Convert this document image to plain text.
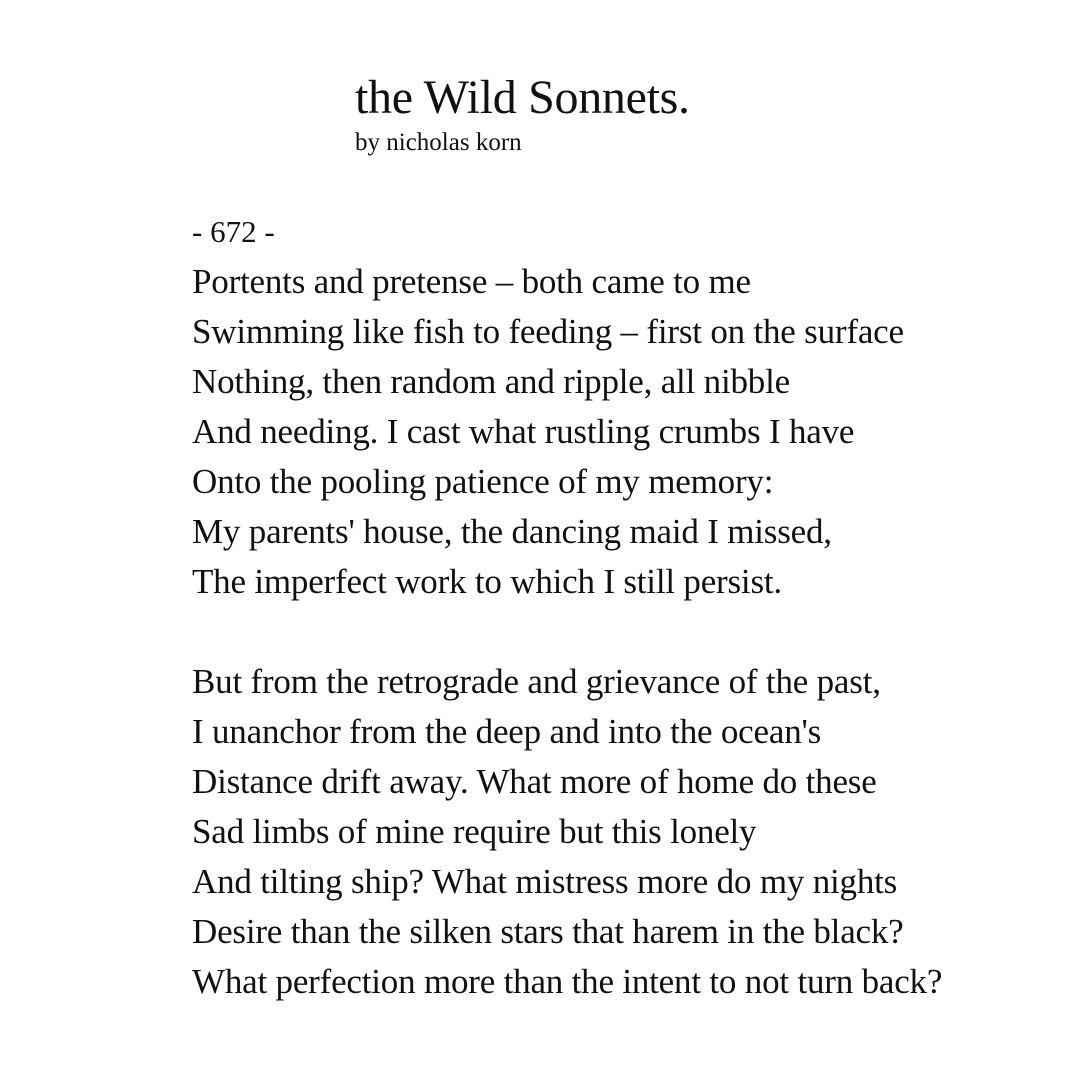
the Wild Sonnets.
by nicholas korn
- 672 -
Portents and pretense – both came to me
Swimming like fish to feeding – first on the surface
Nothing, then random and ripple, all nibble
And needing. I cast what rustling crumbs I have
Onto the pooling patience of my memory:
My parents' house, the dancing maid I missed,
The imperfect work to which I still persist.
But from the retrograde and grievance of the past,
I unanchor from the deep and into the ocean's
Distance drift away. What more of home do these
Sad limbs of mine require but this lonely
And tilting ship? What mistress more do my nights
Desire than the silken stars that harem in the black?
What perfection more than the intent to not turn back?
